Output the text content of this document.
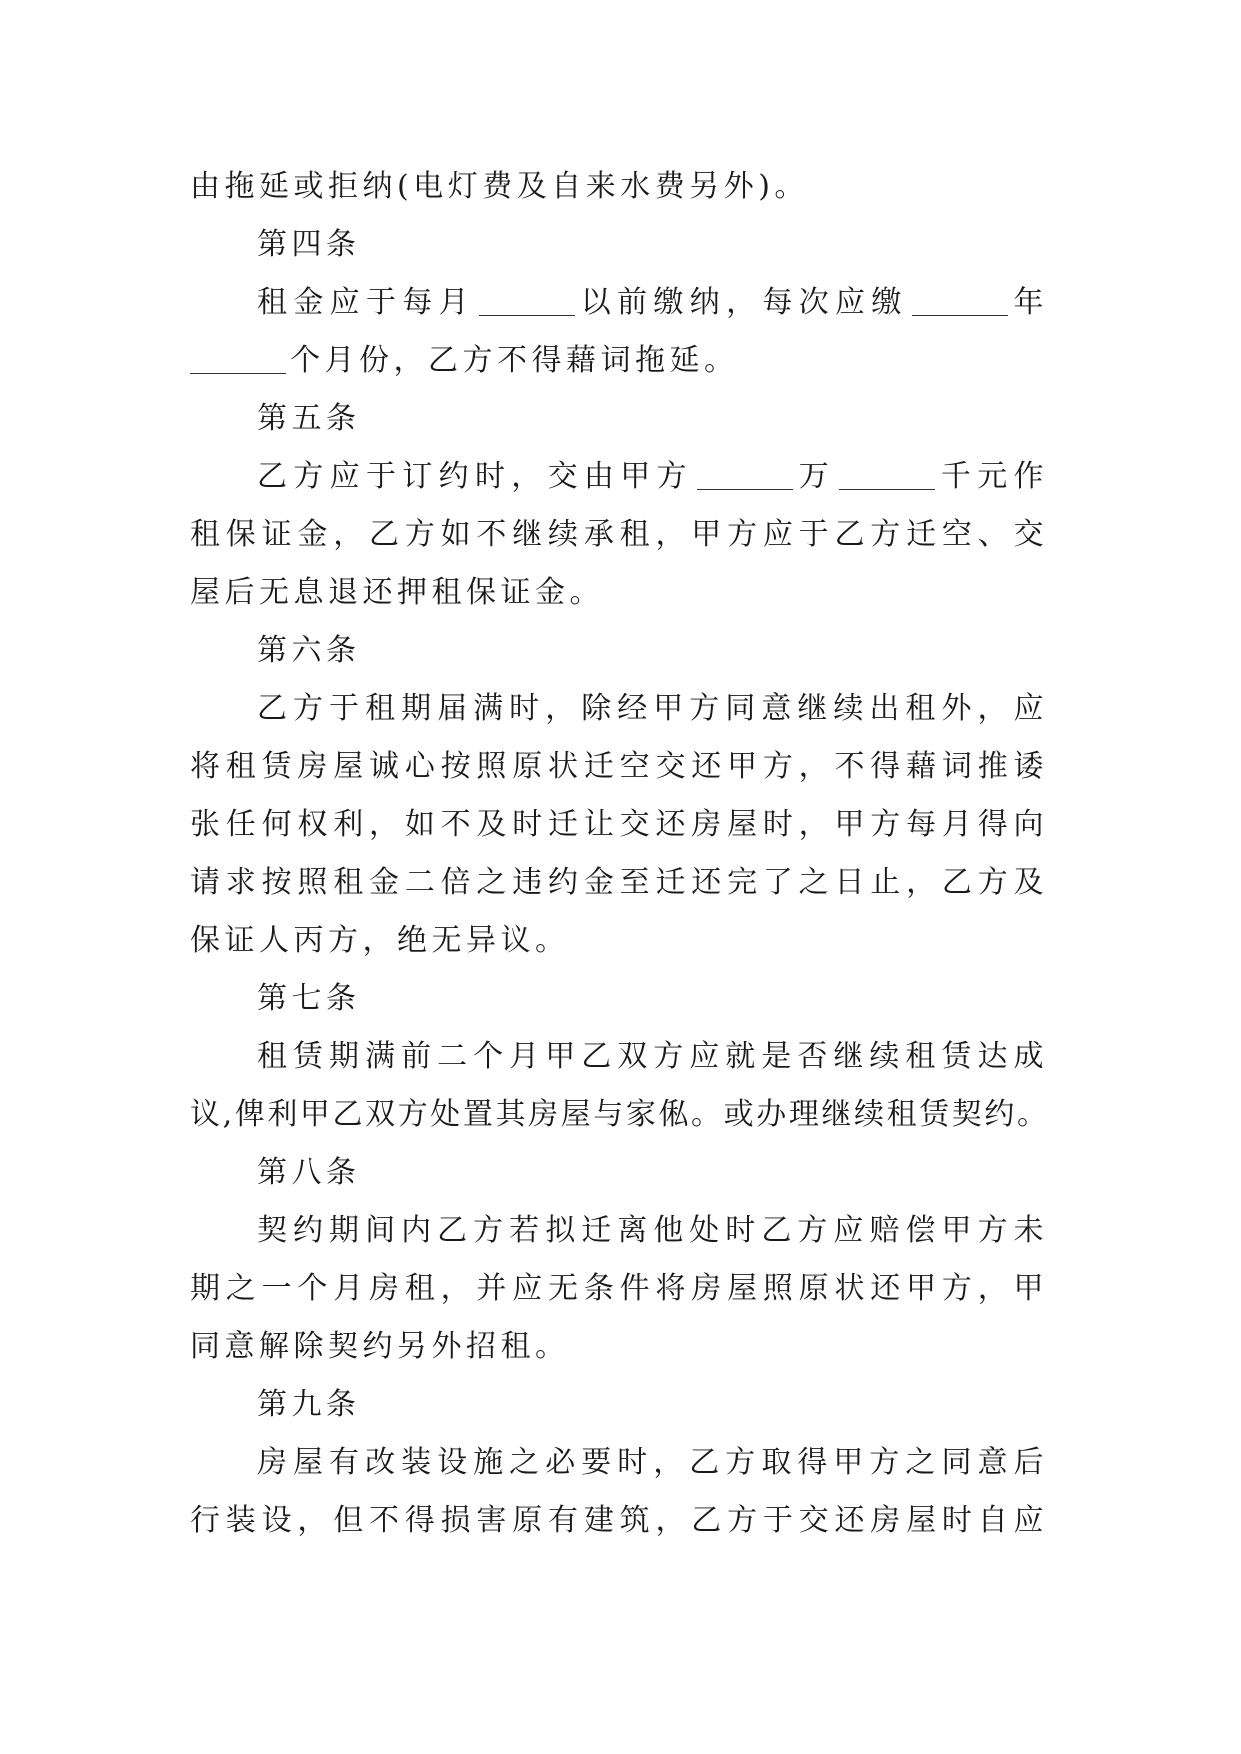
由拖延或拒纳(电灯费及自来水费另外)。
第四条
租金应于每月	以前缴纳，每次应缴	年
个月份，乙方不得藉词拖延。
第五条
乙方应于订约时，交由甲方	万	千元作
租保证金，乙方如不继续承租，甲方应于乙方迁空、交
屋后无息退还押租保证金。
第六条
乙方于租期届满时，除经甲方同意继续出租外，应
将租赁房屋诚心按照原状迁空交还甲方，不得藉词推诿
张任何权利，如不及时迁让交还房屋时，甲方每月得向
请求按照租金二倍之违约金至迁还完了之日止，乙方及
保证人丙方，绝无异议。
第七条
租赁期满前二个月甲乙双方应就是否继续租赁达成
议,俾利甲乙双方处置其房屋与家俬。或办理继续租赁契约。
第八条
契约期间内乙方若拟迁离他处时乙方应赔偿甲方未
期之一个月房租，并应无条件将房屋照原状还甲方，甲
同意解除契约另外招租。
第九条
房屋有改装设施之必要时，乙方取得甲方之同意后
行装设，但不得损害原有建筑，乙方于交还房屋时自应
